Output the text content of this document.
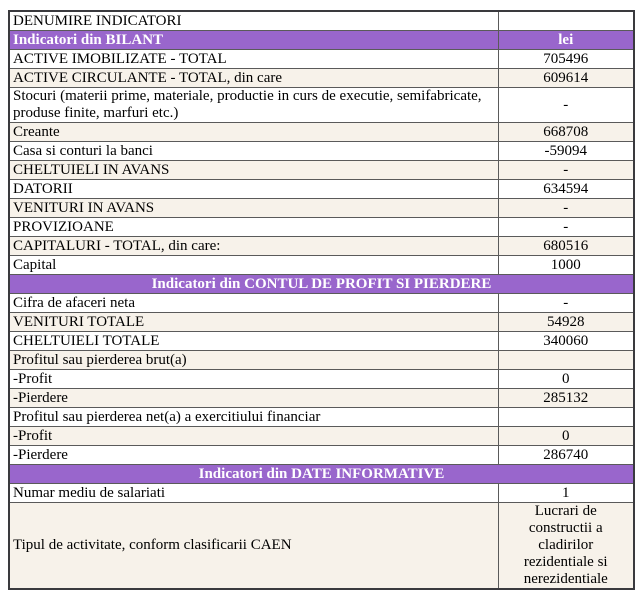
DENUMIRE INDICATORI	
Indicatori din BILANT	lei
ACTIVE IMOBILIZATE - TOTAL	705496
ACTIVE CIRCULANTE - TOTAL, din care	609614
Stocuri (materii prime, materiale, productie in curs de executie, semifabricate, produse finite, marfuri etc.)	-
Creante	668708
Casa si conturi la banci	-59094
CHELTUIELI IN AVANS	-
DATORII	634594
VENITURI IN AVANS	-
PROVIZIOANE	-
CAPITALURI - TOTAL, din care:	680516
Capital	1000
Indicatori din CONTUL DE PROFIT SI PIERDERE	
Cifra de afaceri neta	-
VENITURI TOTALE	54928
CHELTUIELI TOTALE	340060
Profitul sau pierderea brut(a)	
-Profit	0
-Pierdere	285132
Profitul sau pierderea net(a) a exercitiului financiar	
-Profit	0
-Pierdere	286740
Indicatori din DATE INFORMATIVE	
Numar mediu de salariati	1
Tipul de activitate, conform clasificarii CAEN	Lucrari de constructii a cladirilor rezidentiale si nerezidentiale
